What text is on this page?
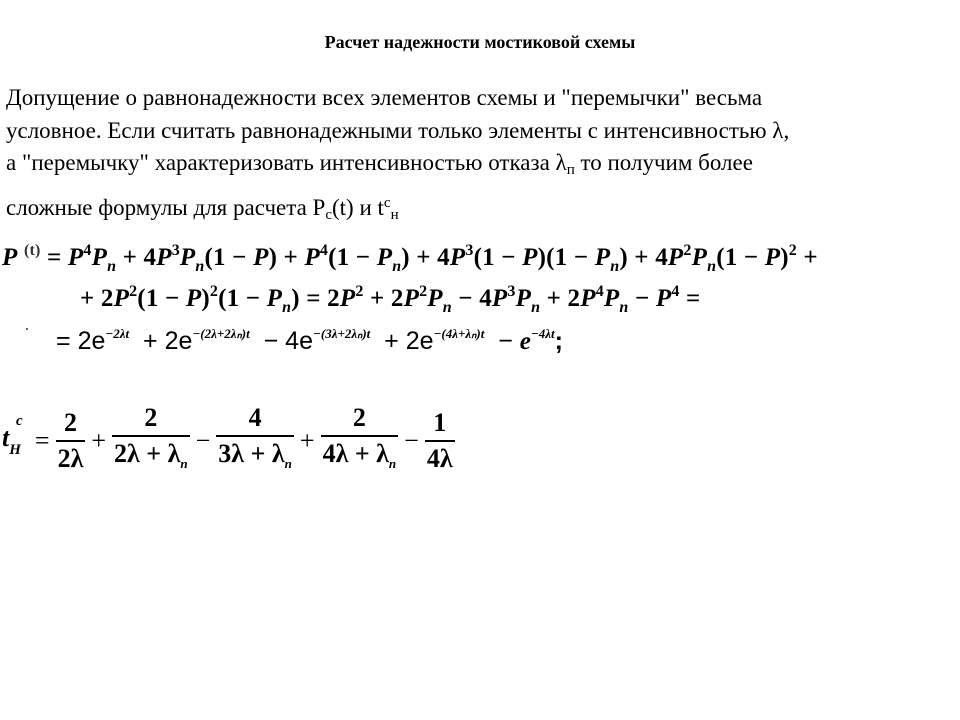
Расчет надежности мостиковой схемы
Допущение о равнонадежности всех элементов схемы и "перемычки" весьма
условное. Если считать равнонадежными только элементы с интенсивностью λ,
а "перемычку" характеризовать интенсивностью отказа $\lambda_п$ то получим более
сложные формулы для расчета $P_с(t)$ и $t^с_н$
P $^{(t)} = P^4P_n + 4P^3P_n(1 - P) + P^4(1 - P_n) + 4P^3(1 - P)(1 - P_n) + 4P^2P_n(1 - P)^2$ +
+ $2P^2(1 - P)^2(1 - P_n) = 2P^2 + 2P^2P_n - 4P^3P_n + 2P^4P_n - P^4$ =
= $2e^{-2\lambda t} + 2e^{-(2\lambda+2\lambda_n)t} - 4e^{-(3\lambda+2\lambda_n)t} + 2e^{-(4\lambda+\lambda_n)t} - e^{-4\lambda t}$;
t
c
$_H = \frac{2}{2\lambda} + \frac{2}{2\lambda + \lambda_n} - \frac{4}{3\lambda + \lambda_n} + \frac{2}{4\lambda + \lambda_n} - \frac{1}{4\lambda}$
